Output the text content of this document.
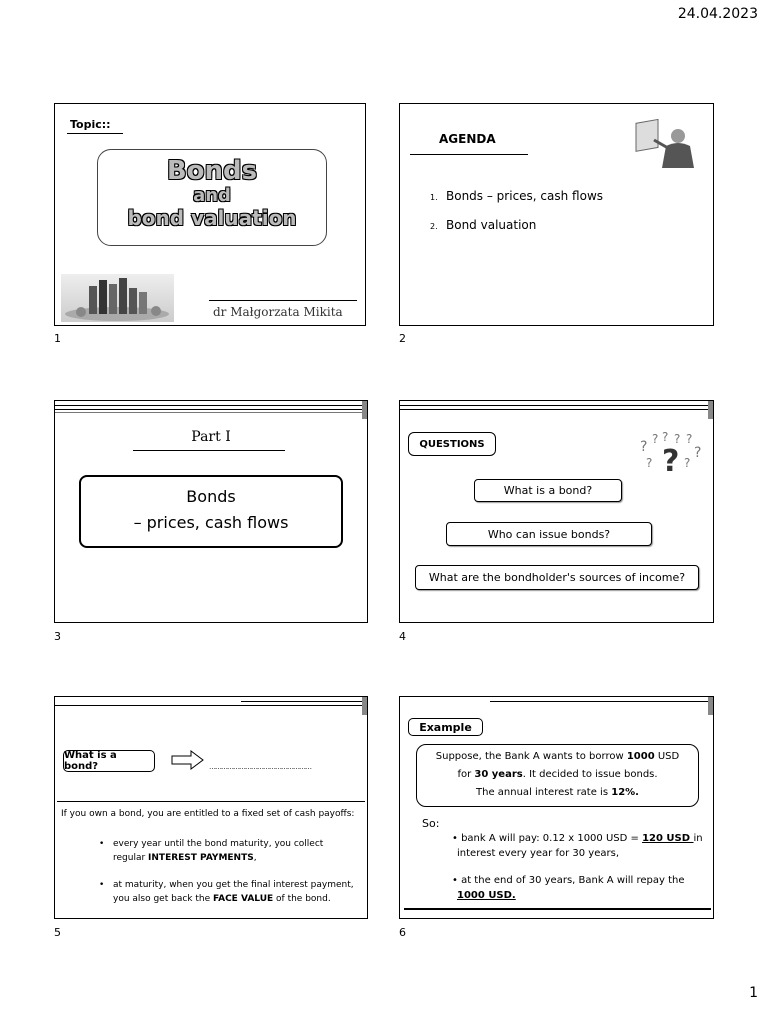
24.04.2023
Topic::
Bonds
and
bond valuation
dr Małgorzata Mikita
1
AGENDA
1. Bonds – prices, cash flows
2. Bond valuation
2
Part I
Bonds
– prices, cash flows
3
QUESTIONS	? ? ? ? ?
?
? ? ?
What is a bond?
Who can issue bonds?
What are the bondholder's sources of income?
4
What is a bond?	……………………………………………
If you own a bond, you are entitled to a fixed set of cash payoffs:
• every year until the bond maturity, you collect
regular INTEREST PAYMENTS,
• at maturity, when you get the final interest payment,
you also get back the FACE VALUE of the bond.
5
Example
Suppose, the Bank A wants to borrow 1000 USD
for 30 years. It decided to issue bonds.
The annual interest rate is 12%.
So:
• bank A will pay: 0.12 x 1000 USD = 120 USD in
interest every year for 30 years,
• at the end of 30 years, Bank A will repay the
1000 USD.
6
1
